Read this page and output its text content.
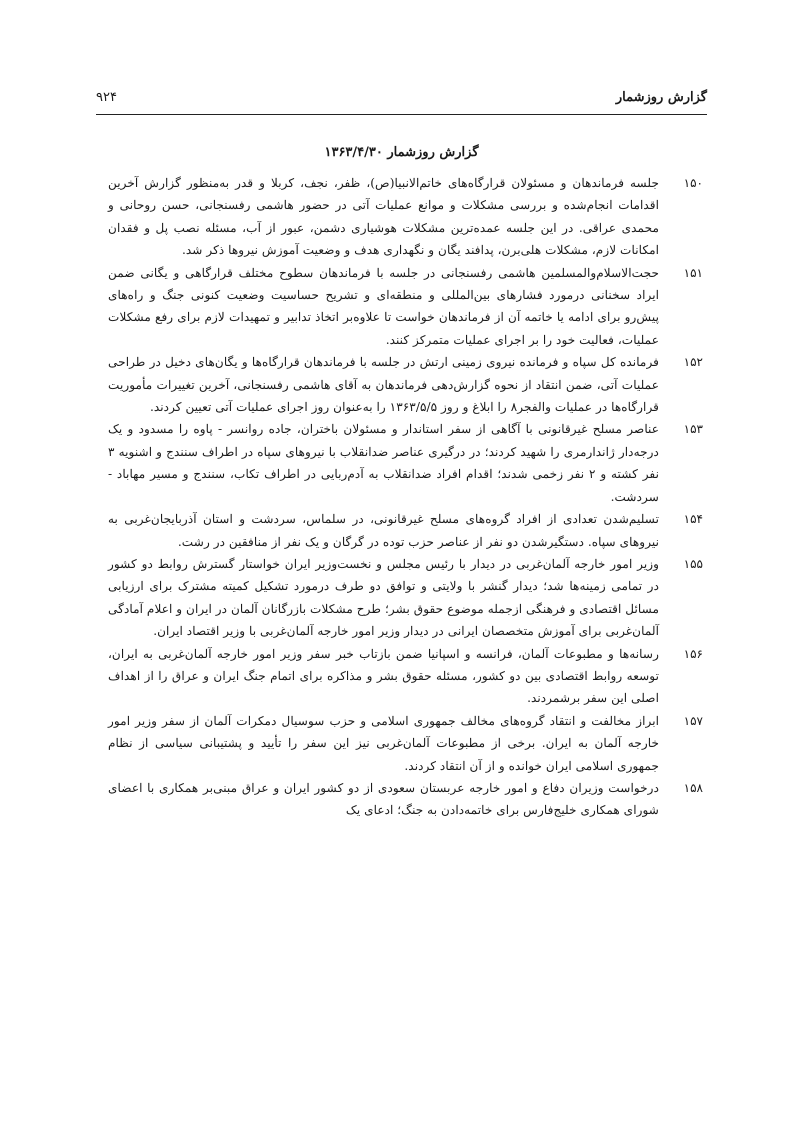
گزارش روزشمار
۹۲۴
گزارش روزشمار ۱۳۶۳/۴/۳۰
۱۵۰
جلسه فرماندهان و مسئولان قرارگاه‌های خاتم‌الانبیا(ص)، ظفر، نجف، کربلا و قدر به‌منظور گزارش آخرین اقدامات انجام‌شده و بررسی مشکلات و موانع عملیات آتی در حضور هاشمی رفسنجانی، حسن روحانی و محمدی عراقی. در این جلسه عمده‌ترین مشکلات هوشیاری دشمن، عبور از آب، مسئله نصب پل و فقدان امکانات لازم، مشکلات هلی‌برن، پدافند یگان و نگهداری هدف و وضعیت آموزش نیروها ذکر شد.
۱۵۱
حجت‌الاسلام‌والمسلمین هاشمی رفسنجانی در جلسه با فرماندهان سطوح مختلف قرارگاهی و یگانی ضمن ایراد سخنانی درمورد فشارهای بین‌المللی و منطقه‌ای و تشریح حساسیت وضعیت کنونی جنگ و راه‌های پیش‌رو برای ادامه یا خاتمه آن از فرماندهان خواست تا علاوه‌بر اتخاذ تدابیر و تمهیدات لازم برای رفع مشکلات عملیات، فعالیت خود را بر اجرای عملیات متمرکز کنند.
۱۵۲
فرمانده کل سپاه و فرمانده نیروی زمینی ارتش در جلسه با فرماندهان قرارگاه‌ها و یگان‌های دخیل در طراحی عملیات آتی، ضمن انتقاد از نحوه گزارش‌دهی فرماندهان به آقای هاشمی رفسنجانی، آخرین تغییرات مأموریت قرارگاه‌ها در عملیات والفجر۸ را ابلاغ و روز ۱۳۶۳/۵/۵ را به‌عنوان روز اجرای عملیات آتی تعیین کردند.
۱۵۳
عناصر مسلح غیرقانونی با آگاهی از سفر استاندار و مسئولان باختران، جاده روانسر - پاوه را مسدود و یک درجه‌دار ژاندارمری را شهید کردند؛ در درگیری عناصر ضدانقلاب با نیروهای سپاه در اطراف سنندج و اشنویه ۳ نفر کشته و ۲ نفر زخمی شدند؛ اقدام افراد ضدانقلاب به آدم‌ربایی در اطراف تکاب، سنندج و مسیر مهاباد - سردشت.
۱۵۴
تسلیم‌شدن تعدادی از افراد گروه‌های مسلح غیرقانونی، در سلماس، سردشت و استان آذربایجان‌غربی به نیروهای سپاه. دستگیرشدن دو نفر از عناصر حزب توده در گرگان و یک نفر از منافقین در رشت.
۱۵۵
وزیر امور خارجه آلمان‌غربی در دیدار با رئیس مجلس و نخست‌وزیر ایران خواستار گسترش روابط دو کشور در تمامی زمینه‌ها شد؛ دیدار گنشر با ولایتی و توافق دو طرف درمورد تشکیل کمیته مشترک برای ارزیابی مسائل اقتصادی و فرهنگی ازجمله موضوع حقوق بشر؛ طرح مشکلات بازرگانان آلمان در ایران و اعلام آمادگی آلمان‌غربی برای آموزش متخصصان ایرانی در دیدار وزیر امور خارجه آلمان‌غربی با وزیر اقتصاد ایران.
۱۵۶
رسانه‌ها و مطبوعات آلمان، فرانسه و اسپانیا ضمن بازتاب خبر سفر وزیر امور خارجه آلمان‌غربی به ایران، توسعه روابط اقتصادی بین دو کشور، مسئله حقوق بشر و مذاکره برای اتمام جنگ ایران و عراق را از اهداف اصلی این سفر برشمردند.
۱۵۷
ابراز مخالفت و انتقاد گروه‌های مخالف جمهوری اسلامی و حزب سوسیال دمکرات آلمان از سفر وزیر امور خارجه آلمان به ایران. برخی از مطبوعات آلمان‌غربی نیز این سفر را تأیید و پشتیبانی سیاسی از نظام جمهوری اسلامی ایران خوانده و از آن انتقاد کردند.
۱۵۸
درخواست وزیران دفاع و امور خارجه عربستان سعودی از دو کشور ایران و عراق مبنی‌بر همکاری با اعضای شورای همکاری خلیج‌فارس برای خاتمه‌دادن به جنگ؛ ادعای یک
